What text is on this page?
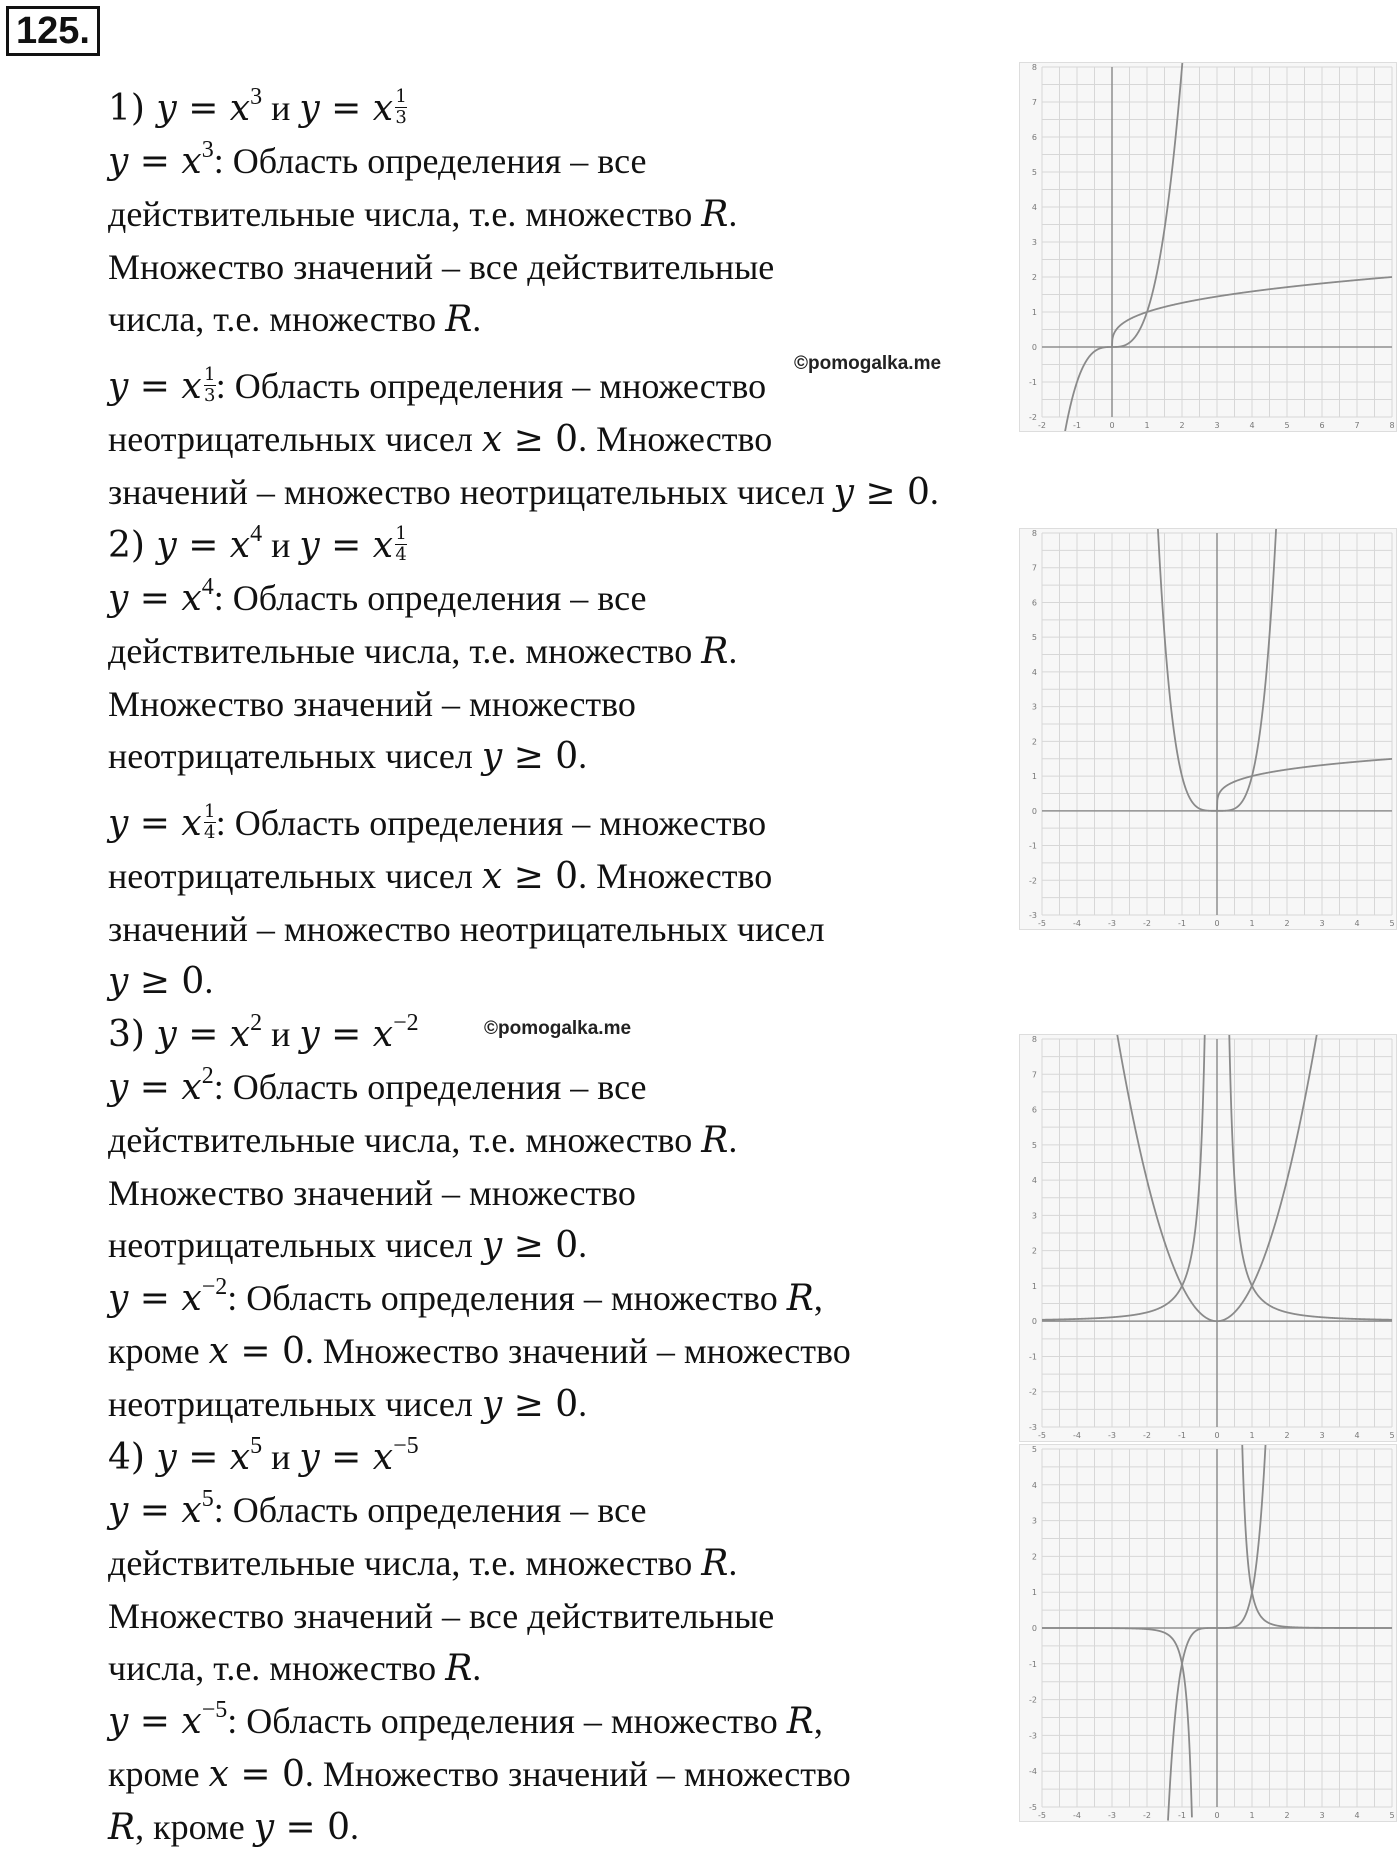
125.
1) $y = x^3$ и y = x $\frac{1}{3}$
$y = x^3$: Область определения – все
действительные числа, т.е. множество R.
Множество значений – все действительные
числа, т.е. множество R.
y = x $\frac{1}{3}$ : Область определения – множество
неотрицательных чисел x ≥ 0. Множество
значений – множество неотрицательных чисел y ≥ 0.
2) $y = x^4$ и y = x $\frac{1}{4}$
$y = x^4$: Область определения – все
действительные числа, т.е. множество R.
Множество значений – множество
неотрицательных чисел y ≥ 0.
y = x $\frac{1}{4}$ : Область определения – множество
неотрицательных чисел x ≥ 0. Множество
значений – множество неотрицательных чисел
y ≥ 0.
3) $y = x^2$ и $y = x^{-2}$
$y = x^2$: Область определения – все
действительные числа, т.е. множество R.
Множество значений – множество
неотрицательных чисел y ≥ 0.
$y = x^{-2}$: Область определения – множество R,
кроме x = 0. Множество значений – множество
неотрицательных чисел y ≥ 0.
4) $y = x^5$ и $y = x^{-5}$
$y = x^5$: Область определения – все
действительные числа, т.е. множество R.
Множество значений – все действительные
числа, т.е. множество R.
$y = x^{-5}$: Область определения – множество R,
кроме x = 0. Множество значений – множество
R, кроме y = 0.
©pomogalka.me
©pomogalka.me
-2	-1	0	1	2	3	4	5	6	7	8
-2
-1
0
1
2
3
4
5
6
7
8
-5	-4	-3	-2	-1	0	1	2	3	4	5
-3
-2
-1
0
1
2
3
4
5
6
7
8
-5	-4	-3	-2	-1	0	1	2	3	4	5
-3
-2
-1
0
1
2
3
4
5
6
7
8
-5	-4	-3	-2	-1	0	1	2	3	4	5
-5
-4
-3
-2
-1
0
1
2
3
4
5
